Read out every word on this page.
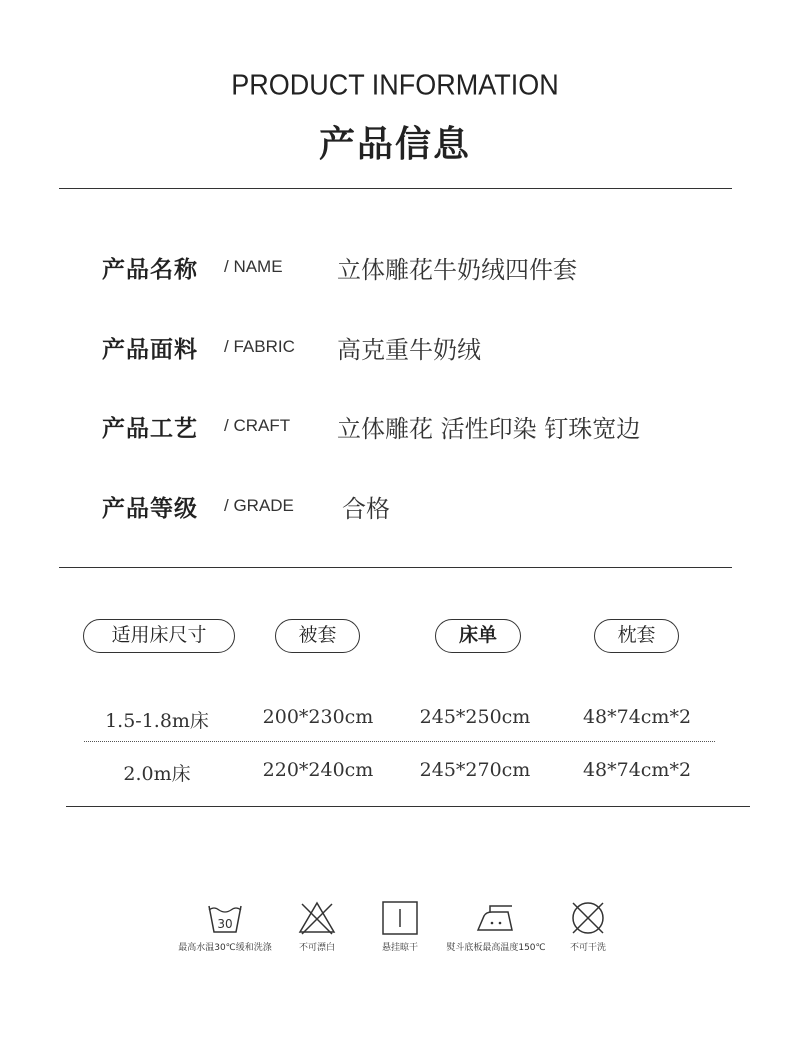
PRODUCT INFORMATION
产品信息
产品名称 / NAME 立体雕花牛奶绒四件套
产品面料 / FABRIC 高克重牛奶绒
产品工艺 / CRAFT 立体雕花 活性印染 钉珠宽边
产品等级 / GRADE 合格
适用床尺寸	被套	床单	枕套
1.5-1.8m床	200*230cm	245*250cm	48*74cm*2
2.0m床	220*240cm	245*270cm	48*74cm*2
30
最高水温30℃缓和洗涤	不可漂白	悬挂晾干	熨斗底板最高温度150℃	不可干洗
